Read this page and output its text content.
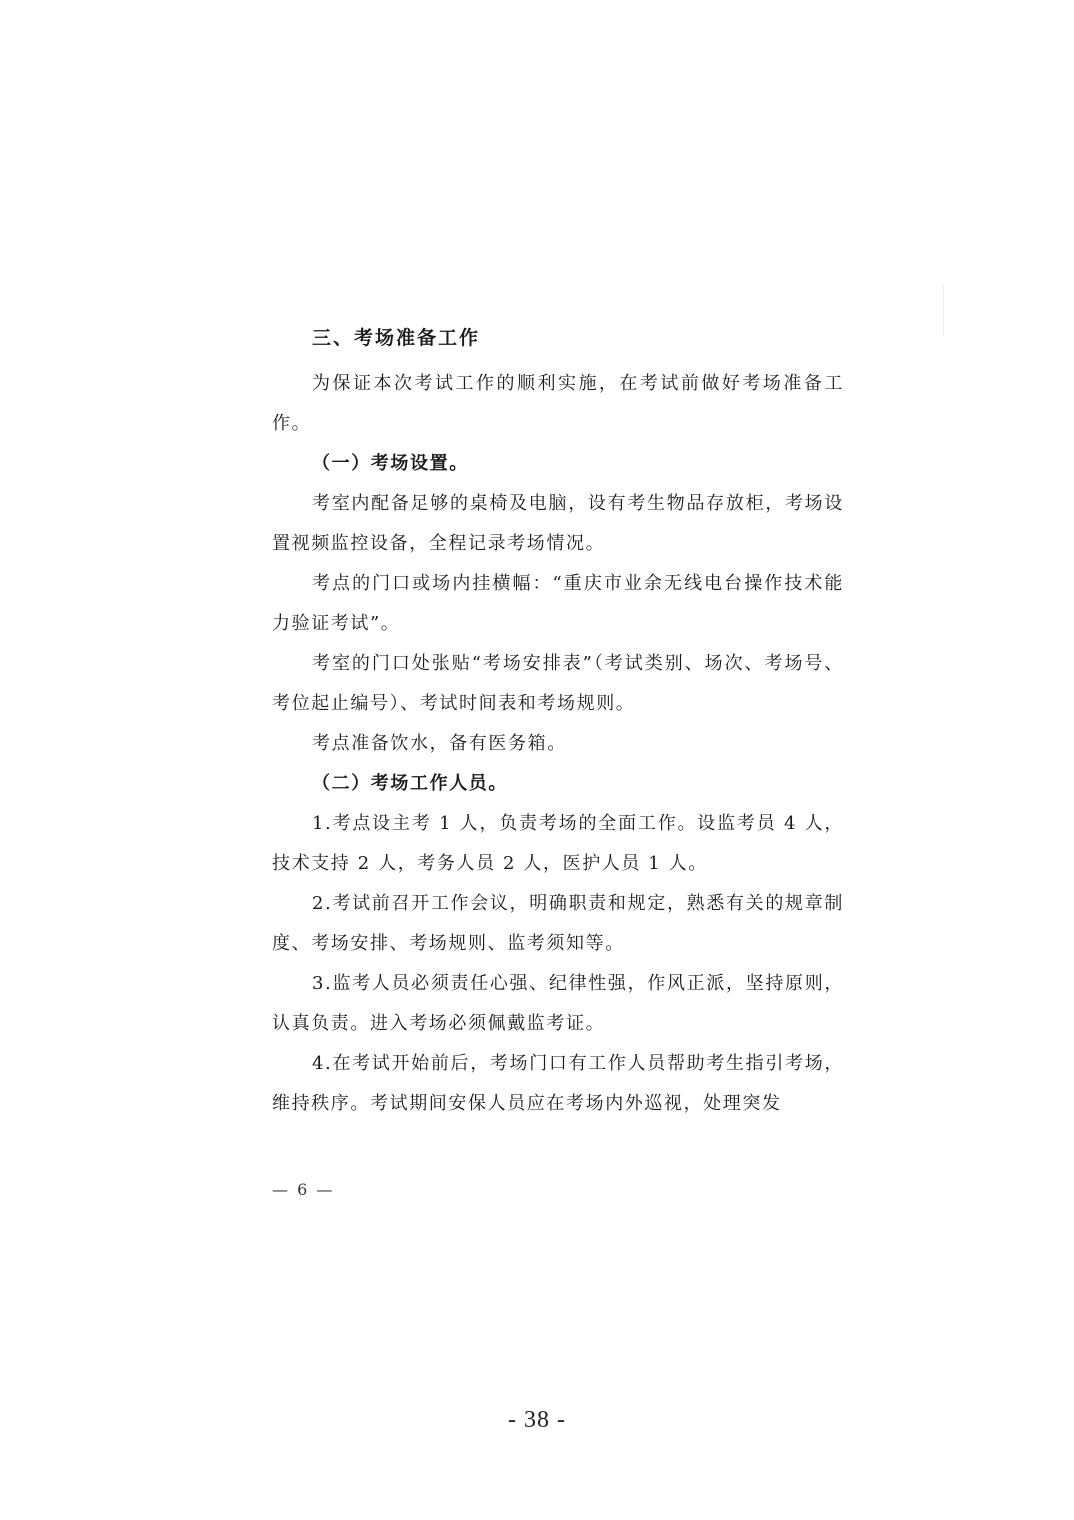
三、考场准备工作

为保证本次考试工作的顺利实施，在考试前做好考场准备工作。

（一）考场设置。

考室内配备足够的桌椅及电脑，设有考生物品存放柜，考场设置视频监控设备，全程记录考场情况。

考点的门口或场内挂横幅：“重庆市业余无线电台操作技术能力验证考试”。

考室的门口处张贴“考场安排表”（考试类别、场次、考场号、考位起止编号）、考试时间表和考场规则。

考点准备饮水，备有医务箱。

（二）考场工作人员。

1.考点设主考 1 人，负责考场的全面工作。设监考员 4 人，技术支持 2 人，考务人员 2 人，医护人员 1 人。

2.考试前召开工作会议，明确职责和规定，熟悉有关的规章制度、考场安排、考场规则、监考须知等。

3.监考人员必须责任心强、纪律性强，作风正派，坚持原则，认真负责。进入考场必须佩戴监考证。

4.在考试开始前后，考场门口有工作人员帮助考生指引考场，维持秩序。考试期间安保人员应在考场内外巡视，处理突发

— 6 —
- 38 -
